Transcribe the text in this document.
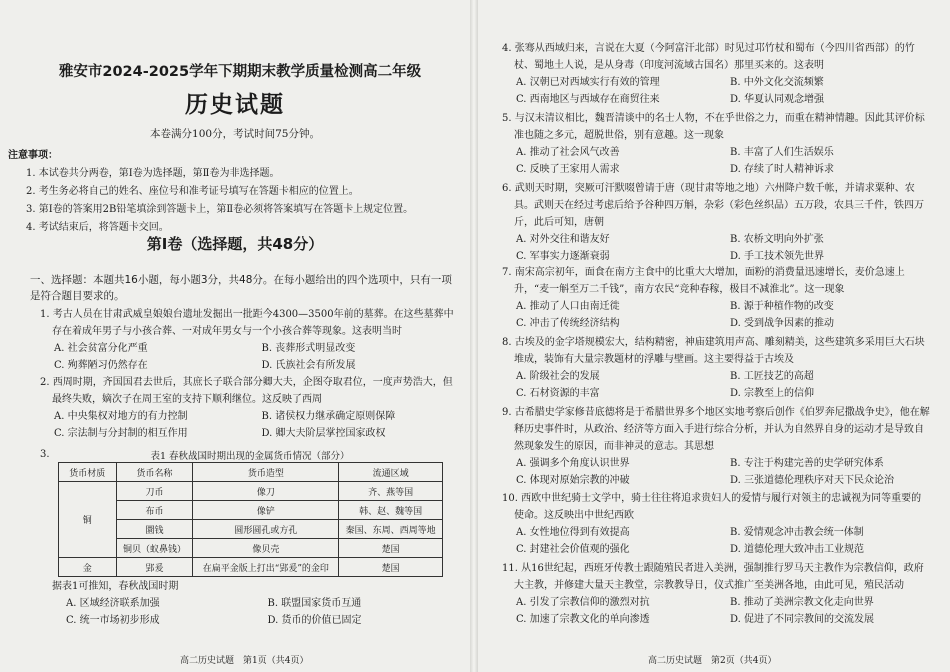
雅安市2024-2025学年下期期末教学质量检测高二年级
历史试题
本卷满分100分，考试时间75分钟。
注意事项：
1. 本试卷共分两卷，第Ⅰ卷为选择题，第Ⅱ卷为非选择题。
2. 考生务必将自己的姓名、座位号和准考证号填写在答题卡相应的位置上。
3. 第Ⅰ卷的答案用2B铅笔填涂到答题卡上，第Ⅱ卷必须将答案填写在答题卡上规定位置。
4. 考试结束后，将答题卡交回。
第Ⅰ卷（选择题，共48分）
一、选择题：本题共16小题，每小题3分，共48分。在每小题给出的四个选项中，只有一项是符合题目要求的。
1. 考古人员在甘肃武威皇娘娘台遗址发掘出一批距今4300—3500年前的墓葬。在这些墓葬中存在着成年男子与小孩合葬、一对成年男女与一个小孩合葬等现象。这表明当时
A. 社会贫富分化严重	B. 丧葬形式明显改变
C. 殉葬陋习仍然存在	D. 氏族社会有所发展
2. 西周时期，齐国国君去世后，其庶长子联合部分卿大夫，企图夺取君位，一度声势浩大，但最终失败，嫡次子在周王室的支持下顺利继位。这反映了西周
A. 中央集权对地方的有力控制	B. 诸侯权力继承确定原则保障
C. 宗法制与分封制的相互作用	D. 卿大夫阶层掌控国家政权
3.	表1 春秋战国时期出现的金属货币情况（部分）
货币材质	货币名称	货币造型	流通区域
铜	刀币	像刀	齐、燕等国
	布币	像铲	韩、赵、魏等国
	圜钱	圆形圆孔或方孔	秦国、东周、西周等地
	铜贝（蚁鼻钱）	像贝壳	楚国
金	郢爰	在扁平金版上打出“郢爰”的金印	楚国
据表1可推知，春秋战国时期
A. 区域经济联系加强	B. 联盟国家货币互通
C. 统一市场初步形成	D. 货币的价值已固定
高二历史试题　第1页（共4页）
4. 张骞从西域归来，言说在大夏（今阿富汗北部）时见过邛竹杖和蜀布（今四川省西部）的竹杖、蜀地土人说，是从身毒（印度河流域古国名）那里买来的。这表明
A. 汉朝已对西域实行有效的管理	B. 中外文化交流频繁
C. 西南地区与西域存在商贸往来	D. 华夏认同观念增强
5. 与汉末清议相比，魏晋清谈中的名士人物，不在乎世俗之力，而重在精神情趣。因此其评价标准也随之多元，超脱世俗，别有意趣。这一现象
A. 推动了社会风气改善	B. 丰富了人们生活娱乐
C. 反映了王家用人需求	D. 存续了时人精神诉求
6. 武则天时期，突厥可汗默啜曾请于唐（现甘肃等地之地）六州降户数千帐，并请求粟种、农具。武则天在经过考虑后给予谷种四万斛，杂彩（彩色丝织品）五万段，农具三千件，铁四万斤，此后可知，唐朝
A. 对外交往和谐友好	B. 农桥文明向外扩张
C. 军事实力逐渐衰弱	D. 手工技术领先世界
7. 南宋高宗初年，面食在南方主食中的比重大大增加，面粉的消费量迅速增长，麦价急速上升，“麦一斛至万二千钱”，南方农民“竞种春稼，极目不减淮北”。这一现象
A. 推动了人口由南迁徙	B. 源于种植作物的改变
C. 冲击了传统经济结构	D. 受到战争因素的推动
8. 古埃及的金字塔规模宏大，结构精密，神庙建筑用声高、雕刻精美，这些建筑多采用巨大石块堆成，装饰有大量宗教题材的浮雕与壁画。这主要得益于古埃及
A. 阶级社会的发展	B. 工匠技艺的高超
C. 石材资源的丰富	D. 宗教至上的信仰
9. 古希腊史学家修昔底德将是于希腊世界多个地区实地考察后创作《伯罗奔尼撒战争史》，他在解释历史事件时，从政治、经济等方面入手进行综合分析，并认为自然界自身的运动才是导致自然现象发生的原因，而非神灵的意志。其思想
A. 强调多个角度认识世界	B. 专注于构建完善的史学研究体系
C. 体现对原始宗教的冲破	D. 三张道德伦理秩序对天下民众论治
10. 西欧中世纪骑士文学中，骑士往往将追求贵妇人的爱情与履行对领主的忠诚视为同等重要的使命。这反映出中世纪西欧
A. 女性地位得到有效提高	B. 爱情观念冲击教会统一体制
C. 封建社会价值观的强化	D. 道德伦理大致冲击工业规范
11. 从16世纪起，西班牙传教士跟随殖民者进入美洲，强制推行罗马天主教作为宗教信仰，政府大主教，并修建大量天主教堂，宗教教导日，仪式推广至美洲各地，由此可见，殖民活动
A. 引发了宗教信仰的激烈对抗	B. 推动了美洲宗教文化走向世界
C. 加速了宗教文化的单向渗透	D. 促进了不同宗教间的交流发展
高二历史试题　第2页（共4页）
